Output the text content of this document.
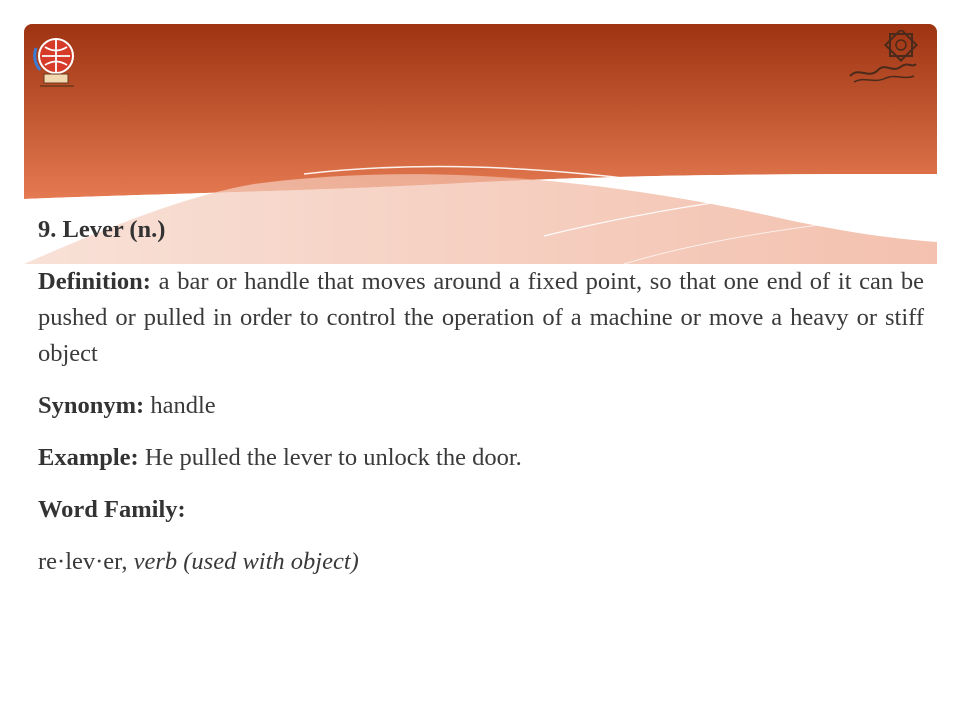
9. Lever (n.)

Definition: a bar or handle that moves around a fixed point, so that one end of it can be pushed or pulled in order to control the operation of a machine or move a heavy or stiff object

Synonym: handle

Example: He pulled the lever to unlock the door.

Word Family:

re·lev·er, verb (used with object)
